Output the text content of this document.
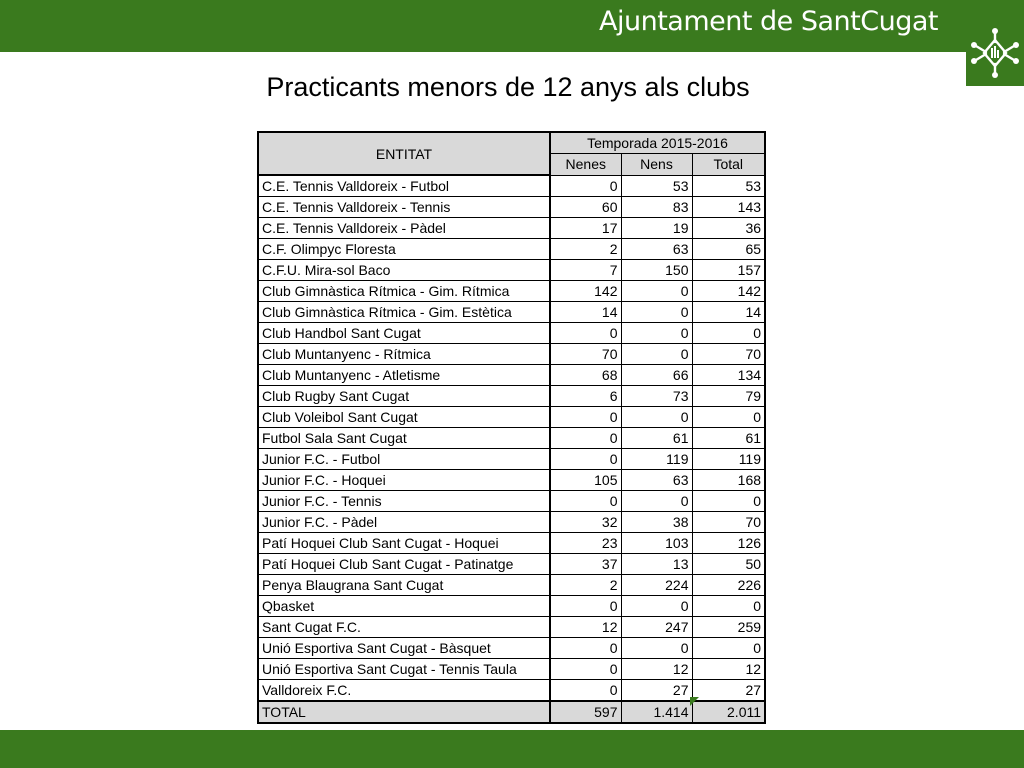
Ajuntament de SantCugat
Practicants menors de 12 anys als clubs
ENTITAT	Temporada 2015-2016		
	Nenes	Nens	Total
C.E. Tennis Valldoreix - Futbol	0	53	53
C.E. Tennis Valldoreix - Tennis	60	83	143
C.E. Tennis Valldoreix - Pàdel	17	19	36
C.F. Olimpyc Floresta	2	63	65
C.F.U. Mira-sol Baco	7	150	157
Club Gimnàstica Rítmica - Gim. Rítmica	142	0	142
Club Gimnàstica Rítmica - Gim. Estètica	14	0	14
Club Handbol Sant Cugat	0	0	0
Club Muntanyenc - Rítmica	70	0	70
Club Muntanyenc - Atletisme	68	66	134
Club Rugby Sant Cugat	6	73	79
Club Voleibol Sant Cugat	0	0	0
Futbol Sala Sant Cugat	0	61	61
Junior F.C. - Futbol	0	119	119
Junior F.C. - Hoquei	105	63	168
Junior F.C. - Tennis	0	0	0
Junior F.C. - Pàdel	32	38	70
Patí Hoquei Club Sant Cugat - Hoquei	23	103	126
Patí Hoquei Club Sant Cugat - Patinatge	37	13	50
Penya Blaugrana Sant Cugat	2	224	226
Qbasket	0	0	0
Sant Cugat F.C.	12	247	259
Unió Esportiva Sant Cugat - Bàsquet	0	0	0
Unió Esportiva Sant Cugat - Tennis Taula	0	12	12
Valldoreix F.C.	0	27	27
TOTAL	597	1.414	2.011
